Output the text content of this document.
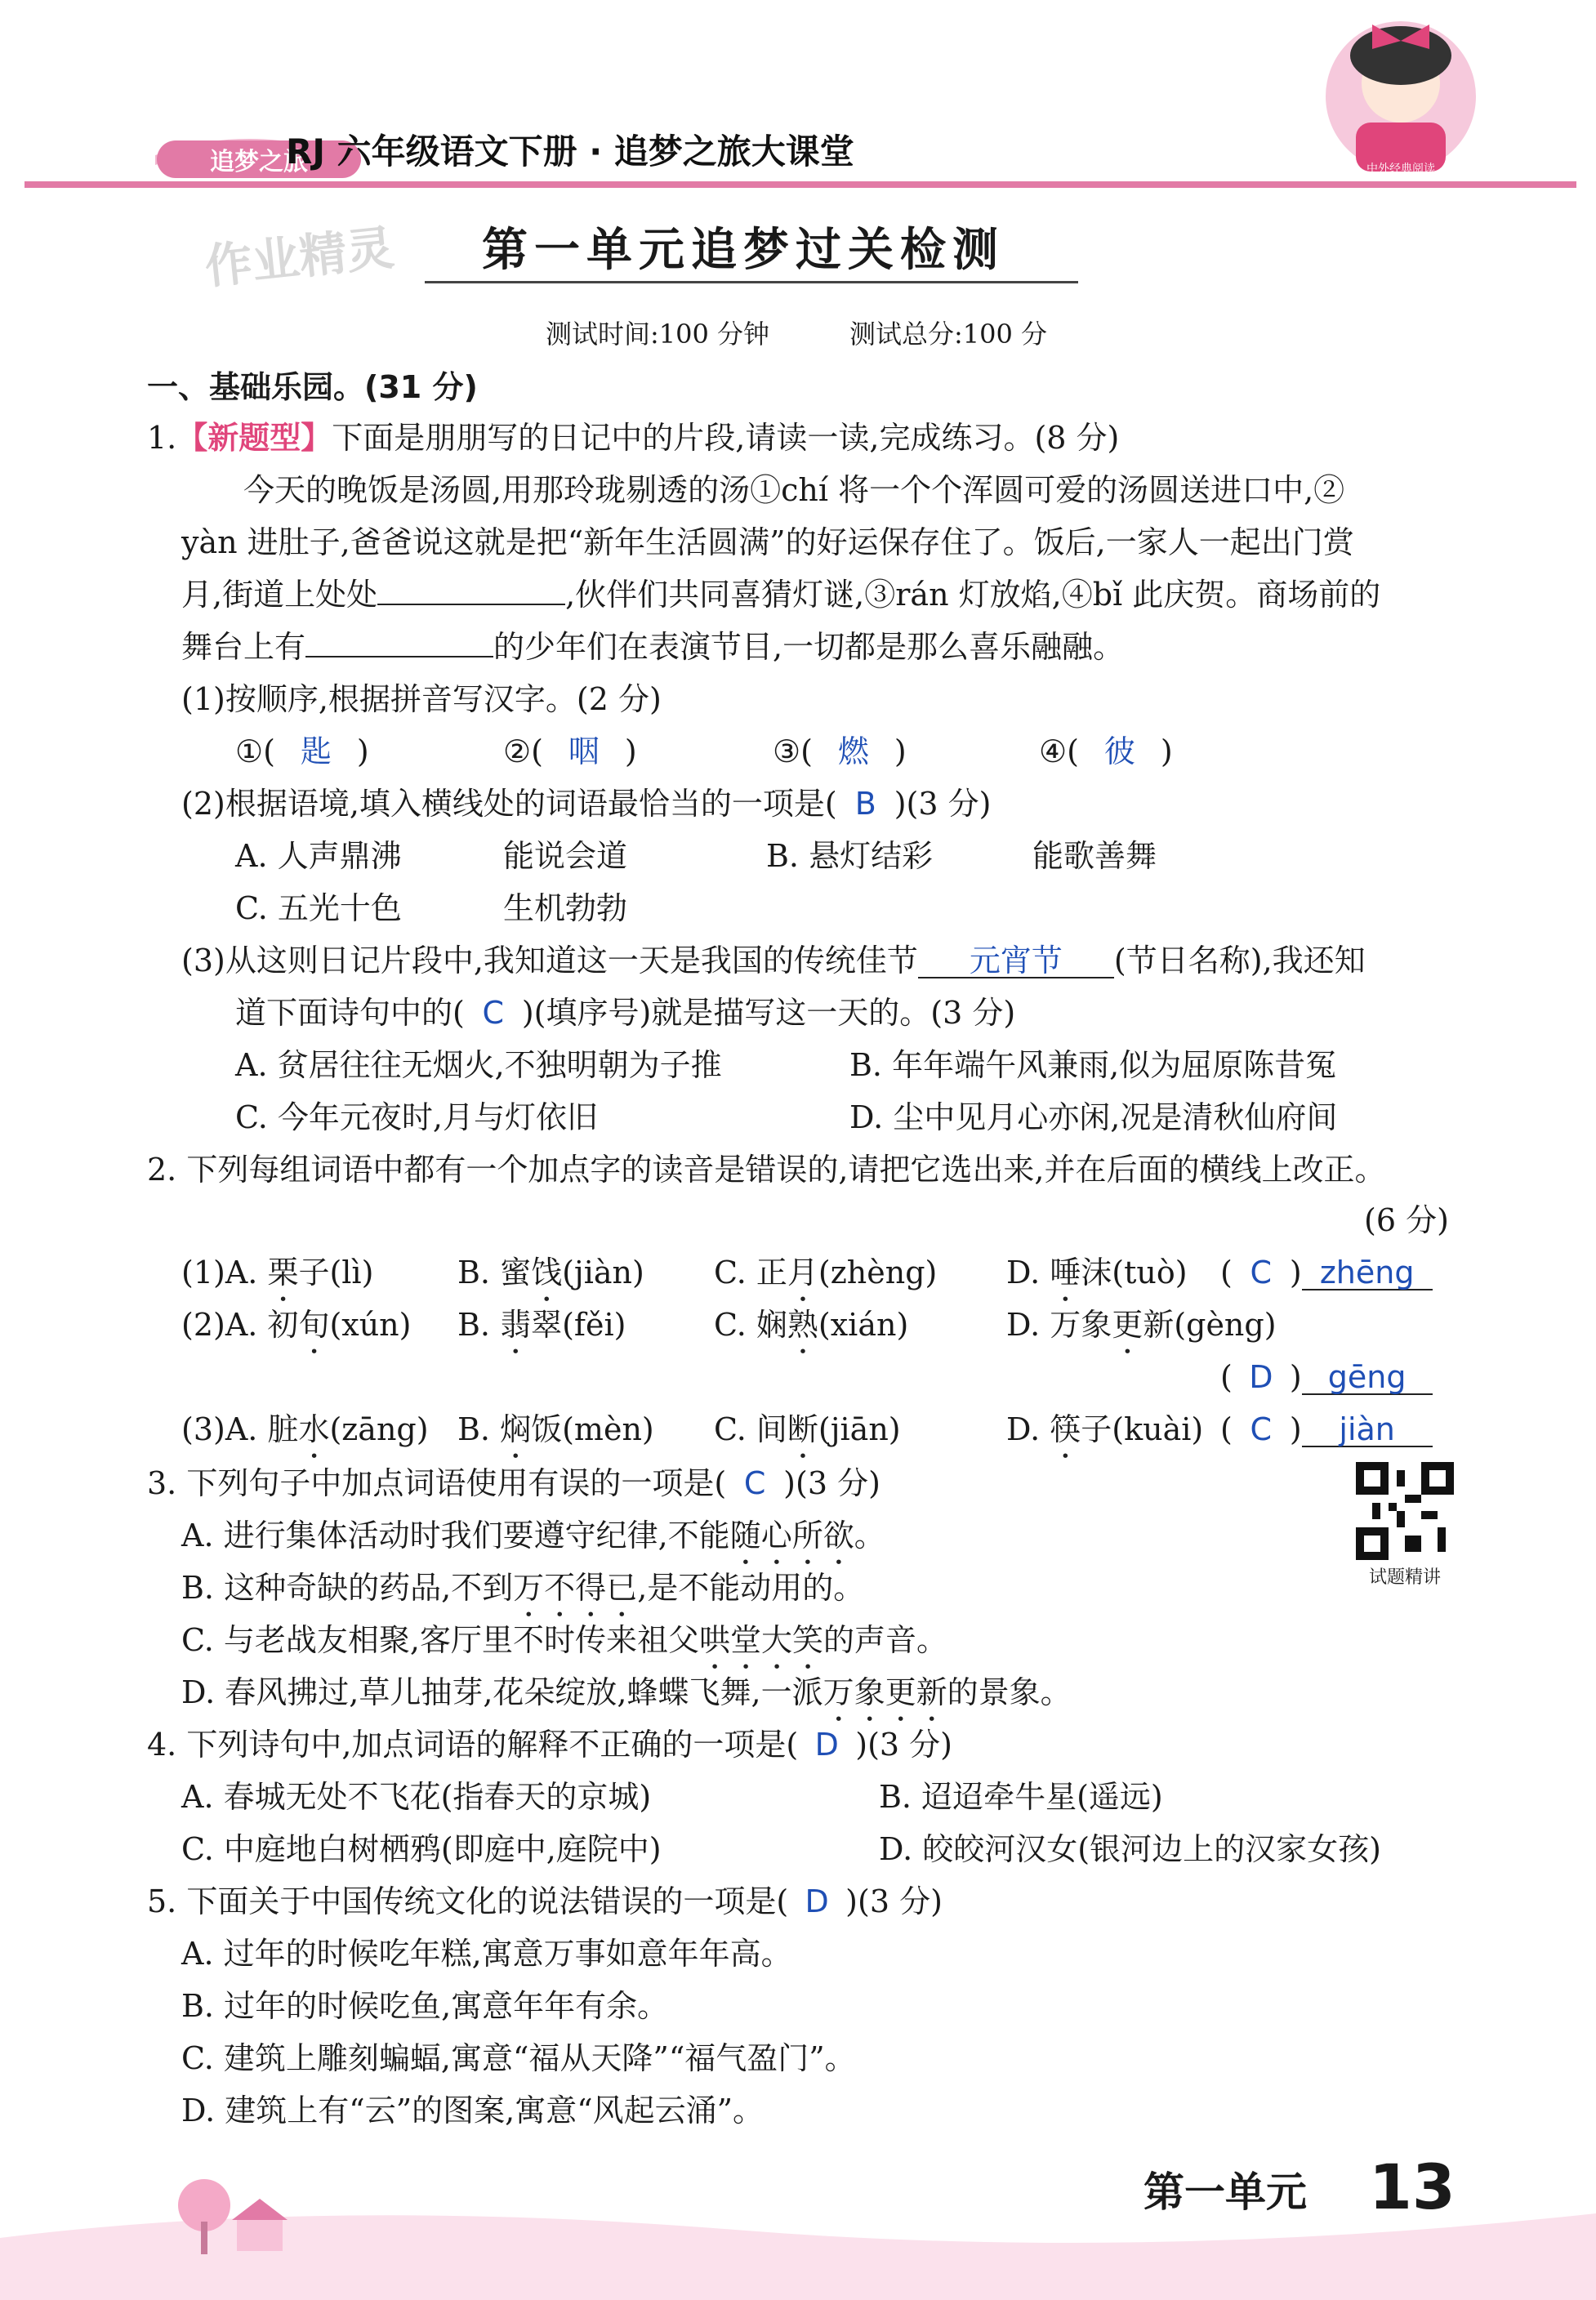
追梦之旅
RJ 六年级语文下册 · 追梦之旅大课堂	中外经典阅读
作业精灵 第一单元追梦过关检测
测试时间:100 分钟	测试总分:100 分
一、基础乐园。(31 分)
1.【新题型】下面是朋朋写的日记中的片段,请读一读,完成练习。(8 分)
今天的晚饭是汤圆,用那玲珑剔透的汤①chí 将一个个浑圆可爱的汤圆送进口中,②
yàn 进肚子,爸爸说这就是把“新年生活圆满”的好运保存住了。饭后,一家人一起出门赏
月,街道上处处	,伙伴们共同喜猜灯谜,③rán 灯放焰,④bǐ 此庆贺。商场前的
舞台上有	的少年们在表演节目,一切都是那么喜乐融融。
(1)按顺序,根据拼音写汉字。(2 分)
①( 匙 )	②( 咽 )	③( 燃 )	④( 彼 )
(2)根据语境,填入横线处的词语最恰当的一项是( B )(3 分)
A. 人声鼎沸	能说会道	B. 悬灯结彩	能歌善舞
C. 五光十色	生机勃勃
(3)从这则日记片段中,我知道这一天是我国的传统佳节 元宵节 (节日名称),我还知
道下面诗句中的( C )(填序号)就是描写这一天的。(3 分)
A. 贫居往往无烟火,不独明朝为子推	B. 年年端午风兼雨,似为屈原陈昔冤
C. 今年元夜时,月与灯依旧	D. 尘中见月心亦闲,况是清秋仙府间
2. 下列每组词语中都有一个加点字的读音是错误的,请把它选出来,并在后面的横线上改正。
(6 分)
(1)A. 栗子(lì)	B. 蜜饯(jiàn) C. 正月(zhèng) D. 唾沫(tuò) ( C ) zhēng
(2)A. 初旬(xún) B. 翡翠(fěi)	C. 娴熟(xián)	D. 万象更新(gèng)
( D ) gēng
(3)A. 脏水(zāng) B. 焖饭(mèn) C. 间断(jiān)	D. 筷子(kuài) ( C ) jiàn
试题精讲
3. 下列句子中加点词语使用有误的一项是( C )(3 分)
A. 进行集体活动时我们要遵守纪律,不能随心所欲。
B. 这种奇缺的药品,不到万不得已,是不能动用的。
C. 与老战友相聚,客厅里不时传来祖父哄堂大笑的声音。
D. 春风拂过,草儿抽芽,花朵绽放,蜂蝶飞舞,一派万象更新的景象。
4. 下列诗句中,加点词语的解释不正确的一项是( D )(3 分)
A. 春城无处不飞花(指春天的京城)	B. 迢迢牵牛星(遥远)
C. 中庭地白树栖鸦(即庭中,庭院中)	D. 皎皎河汉女(银河边上的汉家女孩)
5. 下面关于中国传统文化的说法错误的一项是( D )(3 分)
A. 过年的时候吃年糕,寓意万事如意年年高。
B. 过年的时候吃鱼,寓意年年有余。
C. 建筑上雕刻蝙蝠,寓意“福从天降”“福气盈门”。
D. 建筑上有“云”的图案,寓意“风起云涌”。
第一单元 13
